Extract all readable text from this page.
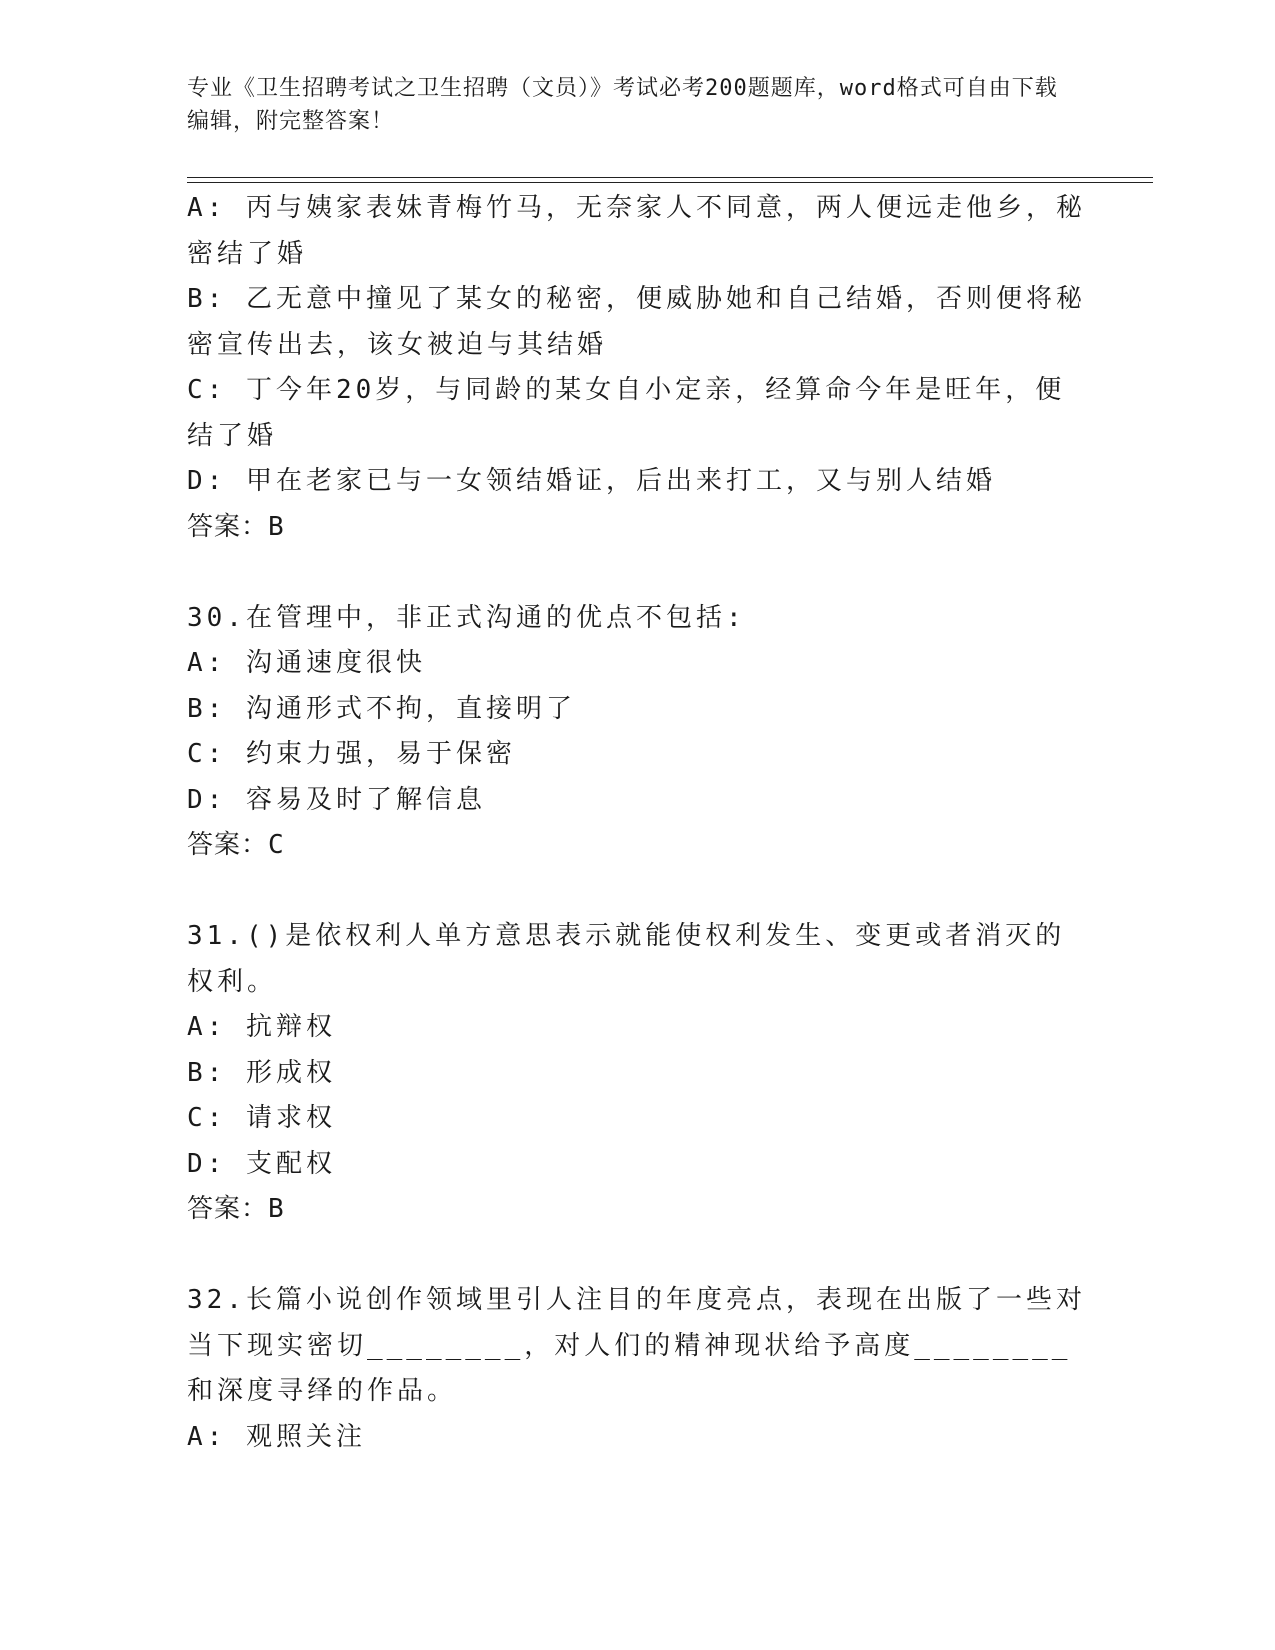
专业《卫生招聘考试之卫生招聘（文员）》考试必考200题题库，word格式可自由下载编辑，附完整答案！
A: 丙与姨家表妹青梅竹马，无奈家人不同意，两人便远走他乡，秘密结了婚
B: 乙无意中撞见了某女的秘密，便威胁她和自己结婚，否则便将秘密宣传出去，该女被迫与其结婚
C: 丁今年20岁，与同龄的某女自小定亲，经算命今年是旺年，便结了婚
D: 甲在老家已与一女领结婚证，后出来打工，又与别人结婚
答案：B
30.在管理中，非正式沟通的优点不包括:
A: 沟通速度很快
B: 沟通形式不拘，直接明了
C: 约束力强，易于保密
D: 容易及时了解信息
答案：C
31.()是依权利人单方意思表示就能使权利发生、变更或者消灭的权利。
A: 抗辩权
B: 形成权
C: 请求权
D: 支配权
答案：B
32.长篇小说创作领域里引人注目的年度亮点，表现在出版了一些对当下现实密切________，对人们的精神现状给予高度________和深度寻绎的作品。
A: 观照关注
